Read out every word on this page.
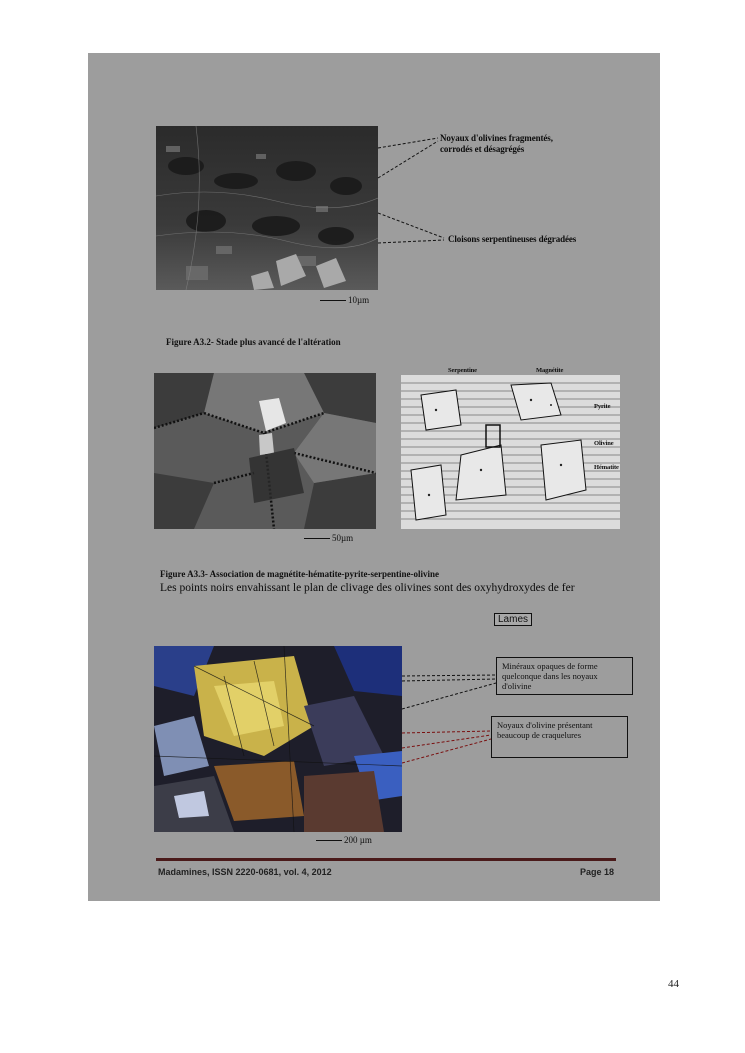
Noyaux d'olivines fragmentés,
corrodés et désagrégés
Cloisons serpentineuses dégradées
10µm
Figure A3.2- Stade plus avancé de l'altération
Serpentine	Magnétite
Pyrite
Olivine
Hématite
50µm
Figure A3.3- Association de magnétite-hématite-pyrite-serpentine-olivine
Les points noirs envahissant le plan de clivage des olivines sont des oxyhydroxydes de fer
Lames
Minéraux opaques de forme quelconque dans les noyaux d'olivine
Noyaux d'olivine présentant beaucoup de craquelures
200 µm
Madamines, ISSN 2220-0681, vol. 4, 2012	Page 18
44
